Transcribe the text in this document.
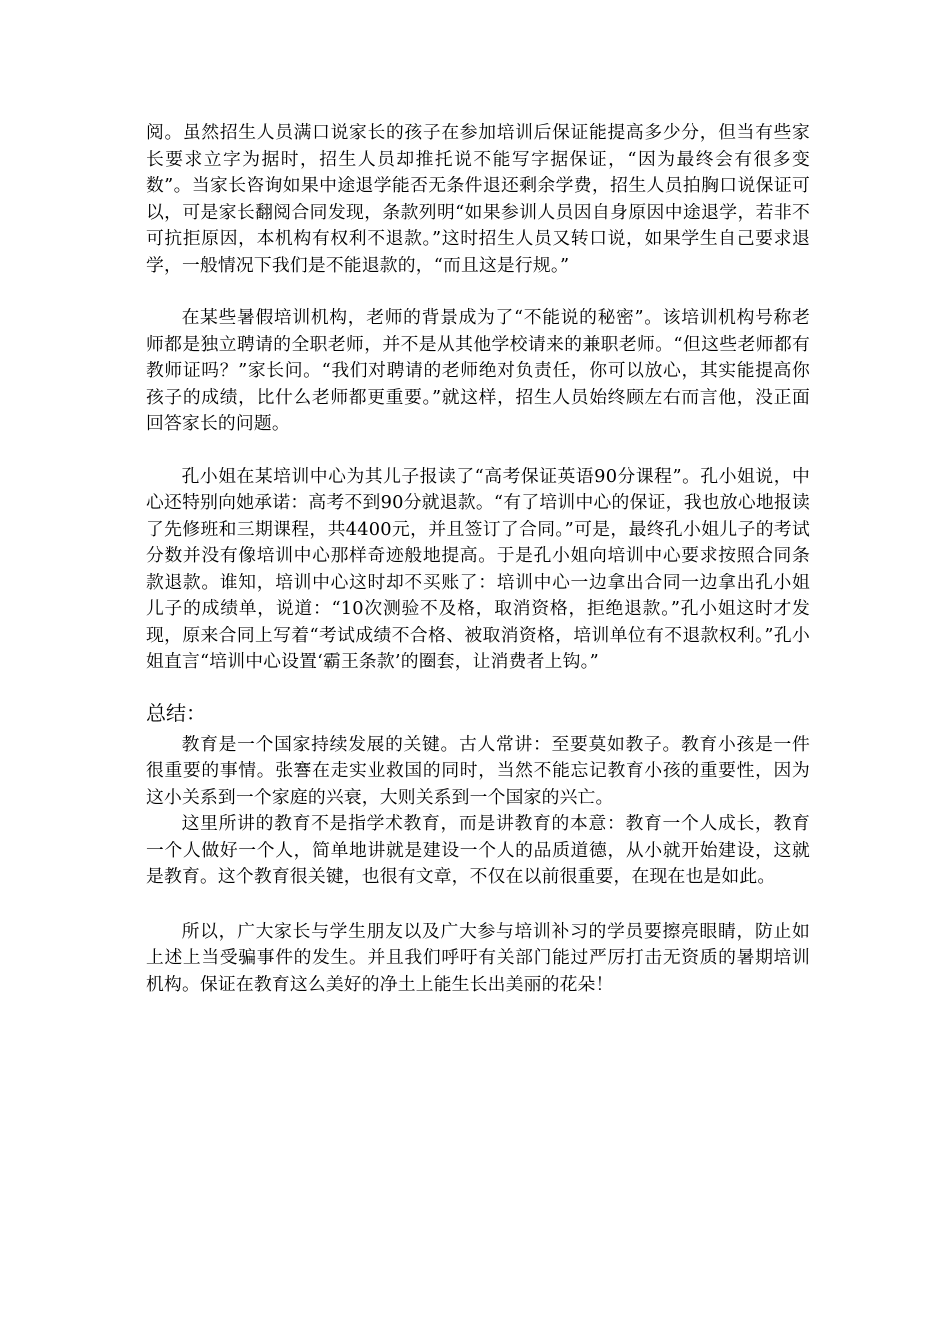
阅。虽然招生人员满口说家长的孩子在参加培训后保证能提高多少分，但当有些家长要求立字为据时，招生人员却推托说不能写字据保证，“因为最终会有很多变数”。当家长咨询如果中途退学能否无条件退还剩余学费，招生人员拍胸口说保证可以，可是家长翻阅合同发现，条款列明“如果参训人员因自身原因中途退学，若非不可抗拒原因，本机构有权利不退款。”这时招生人员又转口说，如果学生自己要求退学，一般情况下我们是不能退款的，“而且这是行规。”

在某些暑假培训机构，老师的背景成为了“不能说的秘密”。该培训机构号称老师都是独立聘请的全职老师，并不是从其他学校请来的兼职老师。“但这些老师都有教师证吗？”家长问。“我们对聘请的老师绝对负责任，你可以放心，其实能提高你孩子的成绩，比什么老师都更重要。”就这样，招生人员始终顾左右而言他，没正面回答家长的问题。

孔小姐在某培训中心为其儿子报读了“高考保证英语90分课程”。孔小姐说，中心还特别向她承诺：高考不到90分就退款。“有了培训中心的保证，我也放心地报读了先修班和三期课程，共4400元，并且签订了合同。”可是，最终孔小姐儿子的考试分数并没有像培训中心那样奇迹般地提高。于是孔小姐向培训中心要求按照合同条款退款。谁知，培训中心这时却不买账了：培训中心一边拿出合同一边拿出孔小姐儿子的成绩单，说道：“10次测验不及格，取消资格，拒绝退款。”孔小姐这时才发现，原来合同上写着“考试成绩不合格、被取消资格，培训单位有不退款权利。”孔小姐直言“培训中心设置‘霸王条款’的圈套，让消费者上钩。”

总结：

教育是一个国家持续发展的关键。古人常讲：至要莫如教子。教育小孩是一件很重要的事情。张謇在走实业救国的同时，当然不能忘记教育小孩的重要性，因为这小关系到一个家庭的兴衰，大则关系到一个国家的兴亡。

这里所讲的教育不是指学术教育，而是讲教育的本意：教育一个人成长，教育一个人做好一个人，简单地讲就是建设一个人的品质道德，从小就开始建设，这就是教育。这个教育很关键，也很有文章，不仅在以前很重要，在现在也是如此。

所以，广大家长与学生朋友以及广大参与培训补习的学员要擦亮眼睛，防止如上述上当受骗事件的发生。并且我们呼吁有关部门能过严厉打击无资质的暑期培训机构。保证在教育这么美好的净土上能生长出美丽的花朵！
